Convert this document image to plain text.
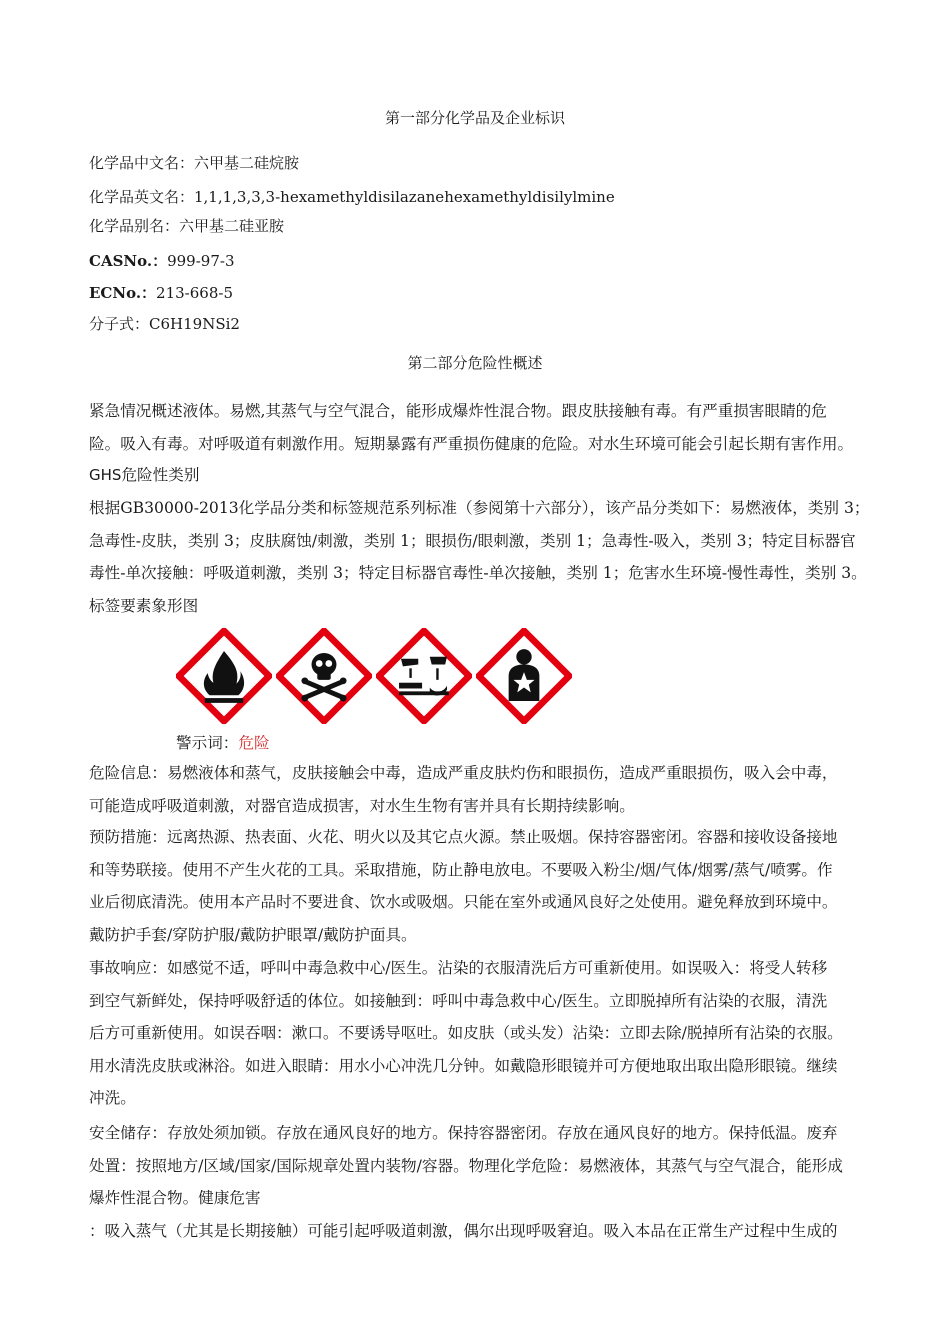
第一部分化学品及企业标识
化学品中文名：六甲基二硅烷胺
化学品英文名：1,1,1,3,3,3-hexamethyldisilazanehexamethyldisilylmine
化学品别名：六甲基二硅亚胺
CASNo.：999-97-3
ECNo.：213-668-5
分子式：C6H19NSi2
第二部分危险性概述
紧急情况概述液体。易燃,其蒸气与空气混合，能形成爆炸性混合物。跟皮肤接触有毒。有严重损害眼睛的危
险。吸入有毒。对呼吸道有刺激作用。短期暴露有严重损伤健康的危险。对水生环境可能会引起长期有害作用。
GHS危险性类别
根据GB30000-2013化学品分类和标签规范系列标准（参阅第十六部分），该产品分类如下：易燃液体，类别 3；
急毒性-皮肤，类别 3；皮肤腐蚀/刺激，类别 1；眼损伤/眼刺激，类别 1；急毒性-吸入，类别 3；特定目标器官
毒性-单次接触：呼吸道刺激，类别 3；特定目标器官毒性-单次接触，类别 1；危害水生环境-慢性毒性，类别 3。
标签要素象形图
警示词：危险
危险信息：易燃液体和蒸气，皮肤接触会中毒，造成严重皮肤灼伤和眼损伤，造成严重眼损伤，吸入会中毒，
可能造成呼吸道刺激，对器官造成损害，对水生生物有害并具有长期持续影响。
预防措施：远离热源、热表面、火花、明火以及其它点火源。禁止吸烟。保持容器密闭。容器和接收设备接地
和等势联接。使用不产生火花的工具。采取措施，防止静电放电。不要吸入粉尘/烟/气体/烟雾/蒸气/喷雾。作
业后彻底清洗。使用本产品时不要进食、饮水或吸烟。只能在室外或通风良好之处使用。避免释放到环境中。
戴防护手套/穿防护服/戴防护眼罩/戴防护面具。
事故响应：如感觉不适，呼叫中毒急救中心/医生。沾染的衣服清洗后方可重新使用。如误吸入：将受人转移
到空气新鲜处，保持呼吸舒适的体位。如接触到：呼叫中毒急救中心/医生。立即脱掉所有沾染的衣服，清洗
后方可重新使用。如误吞咽：漱口。不要诱导呕吐。如皮肤（或头发）沾染：立即去除/脱掉所有沾染的衣服。
用水清洗皮肤或淋浴。如进入眼睛：用水小心冲洗几分钟。如戴隐形眼镜并可方便地取出取出隐形眼镜。继续
冲洗。
安全储存：存放处须加锁。存放在通风良好的地方。保持容器密闭。存放在通风良好的地方。保持低温。废弃
处置：按照地方/区域/国家/国际规章处置内装物/容器。物理化学危险：易燃液体，其蒸气与空气混合，能形成
爆炸性混合物。健康危害
：吸入蒸气（尤其是长期接触）可能引起呼吸道刺激，偶尔出现呼吸窘迫。吸入本品在正常生产过程中生成的
